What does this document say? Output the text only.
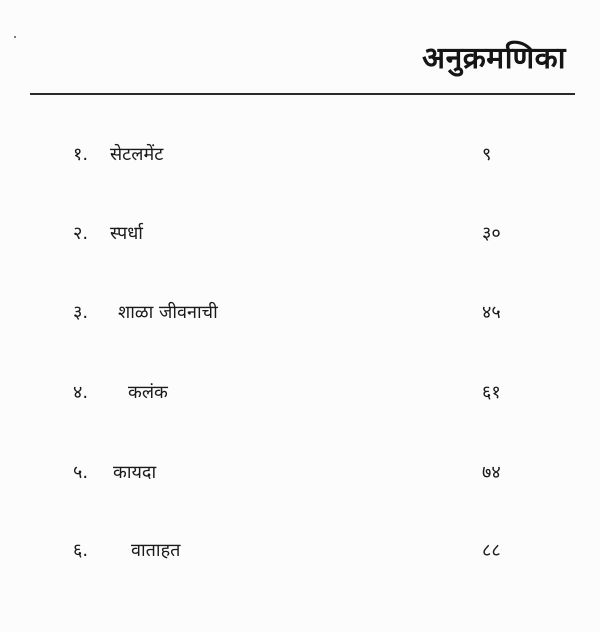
अनुक्रमणिका
१. सेटलमेंट	९
२. स्पर्धा	३०
३. शाळा जीवनाची	४५
४. कलंक	६१
५. कायदा	७४
६. वाताहत	८८
